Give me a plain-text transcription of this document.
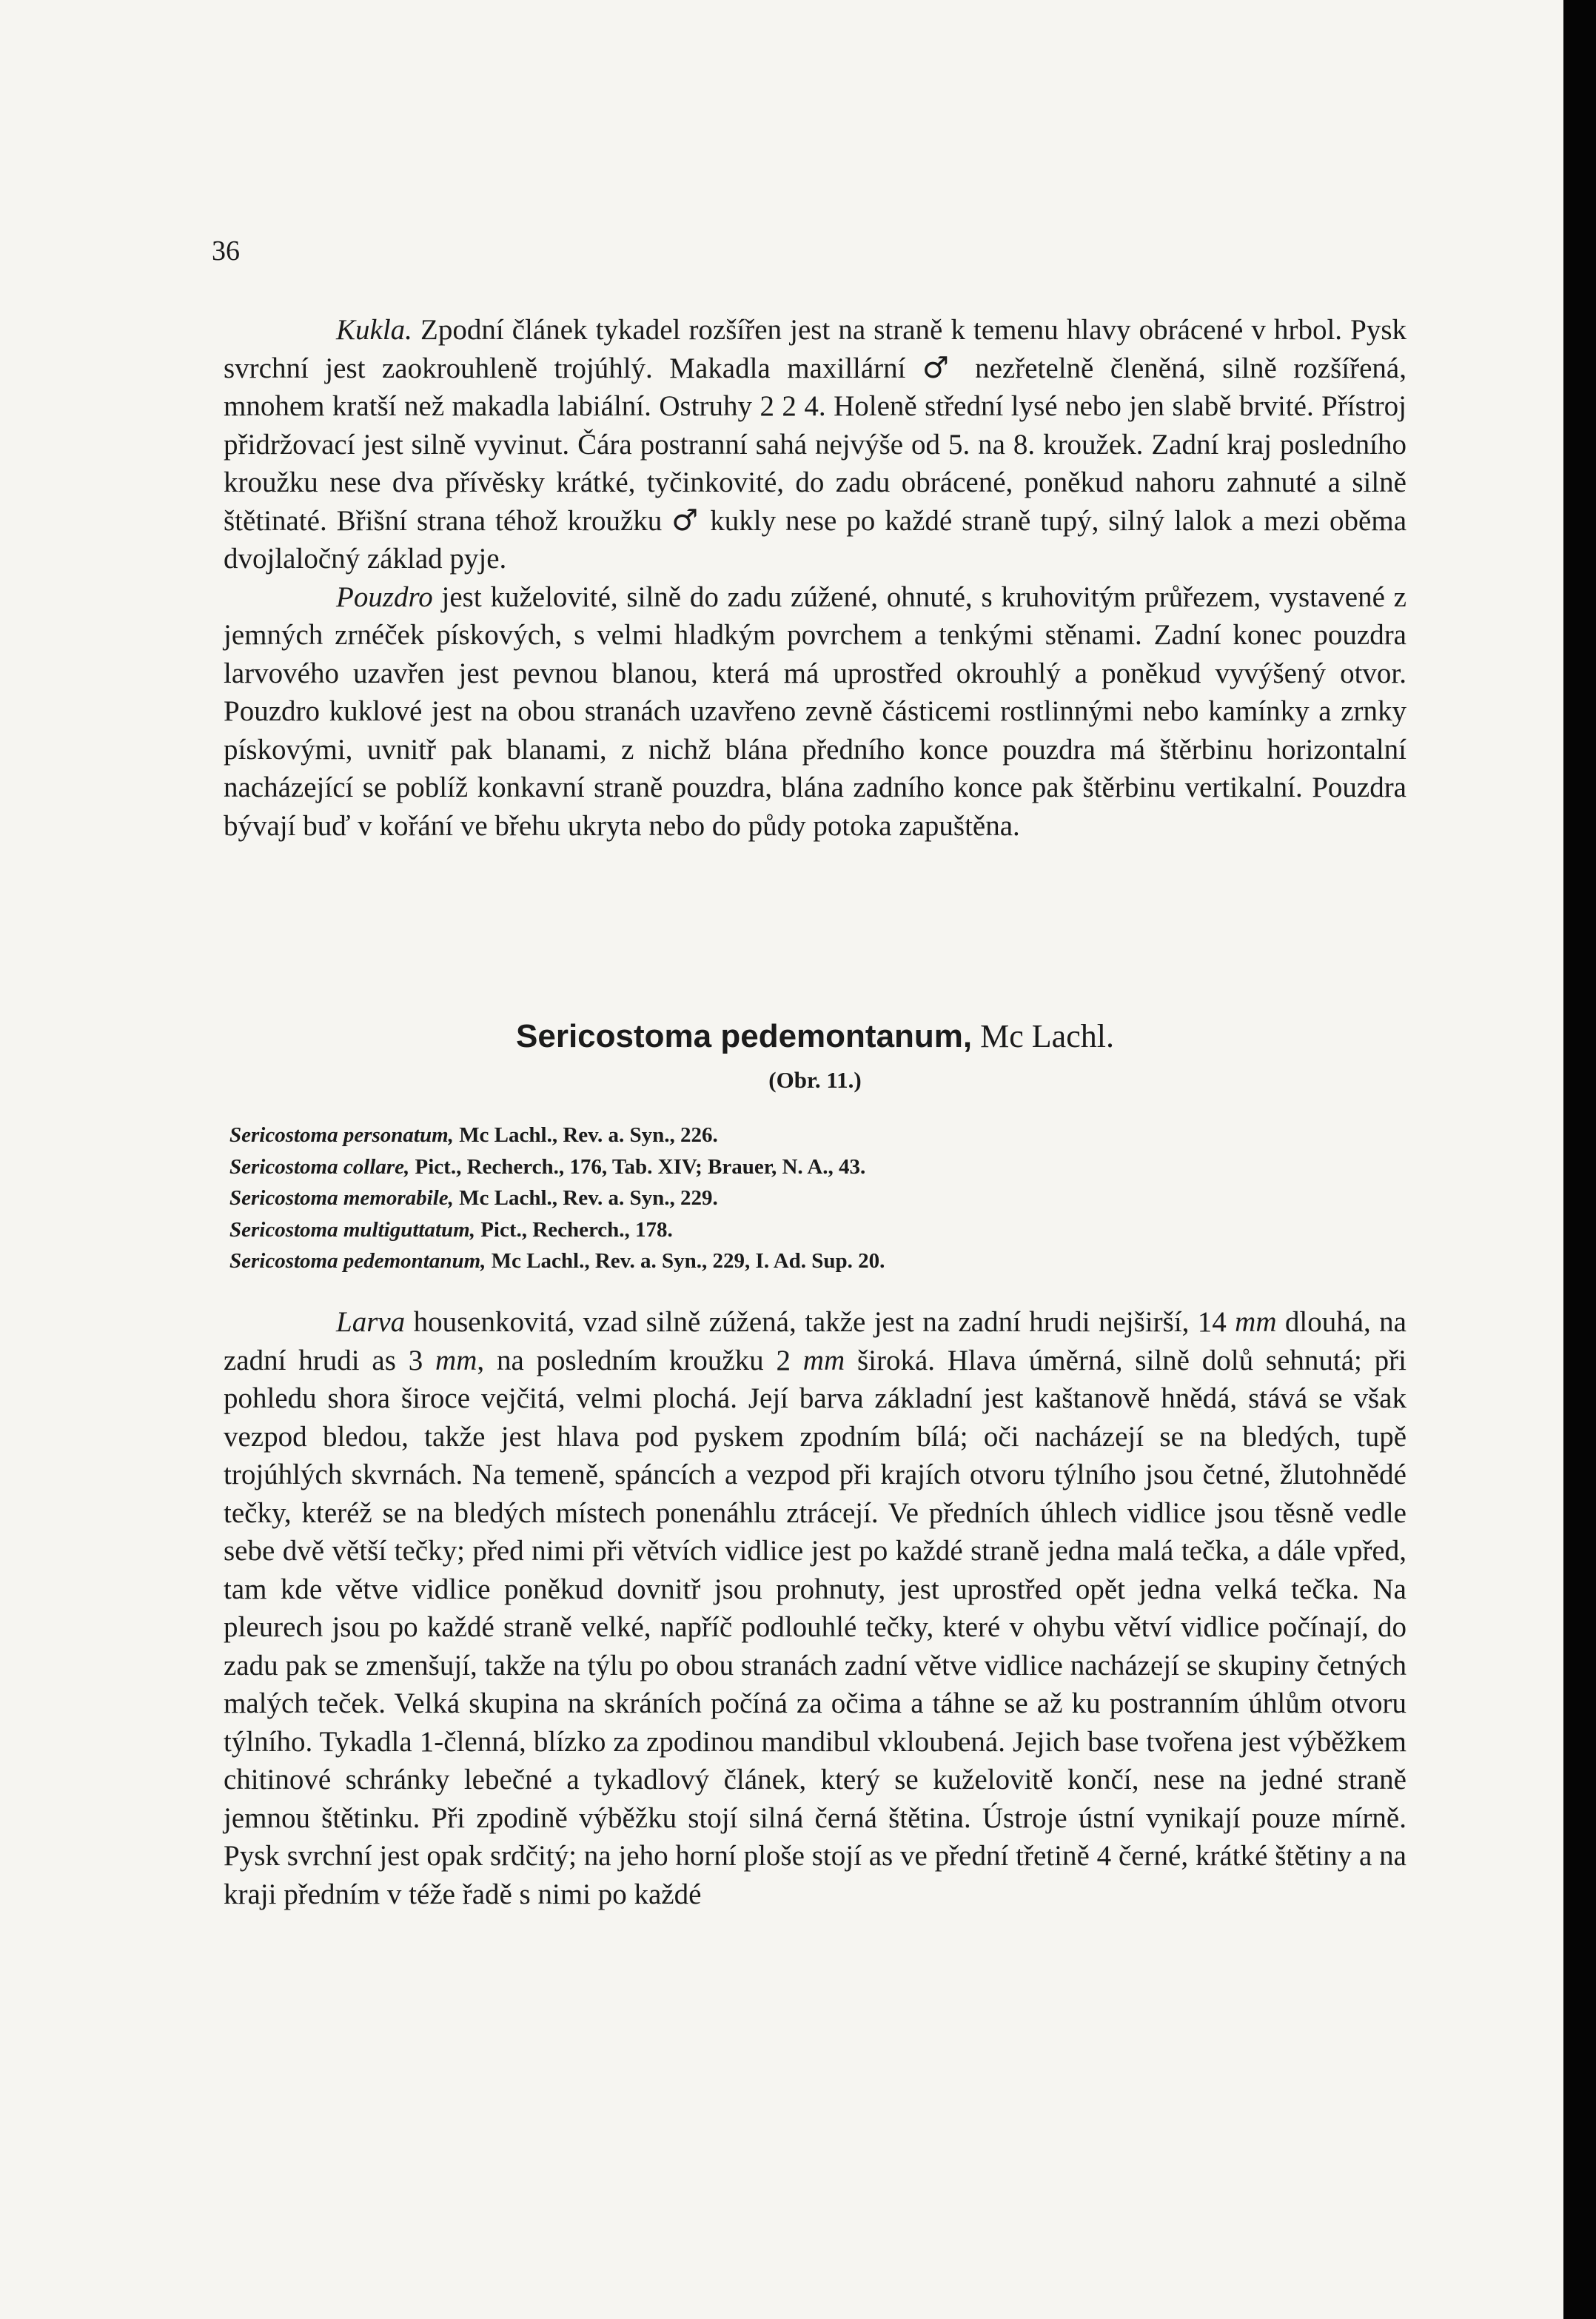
36

Kukla. Zpodní článek tykadel rozšířen jest na straně k temenu hlavy obrácené v hrbol. Pysk svrchní jest zaokrouhleně trojúhlý. Makadla maxillární ♂ nezřetelně členěná, silně rozšířená, mnohem kratší než makadla labiální. Ostruhy 2 2 4. Holeně střední lysé nebo jen slabě brvité. Přístroj přidržovací jest silně vyvinut. Čára postranní sahá nejvýše od 5. na 8. kroužek. Zadní kraj posledního kroužku nese dva přívěsky krátké, tyčinkovité, do zadu obrácené, poněkud nahoru zahnuté a silně štětinaté. Břišní strana téhož kroužku ♂ kukly nese po každé straně tupý, silný lalok a mezi oběma dvojlaločný základ pyje.

Pouzdro jest kuželovité, silně do zadu zúžené, ohnuté, s kruhovitým průřezem, vystavené z jemných zrnéček pískových, s velmi hladkým povrchem a tenkými stěnami. Zadní konec pouzdra larvového uzavřen jest pevnou blanou, která má uprostřed okrouhlý a poněkud vyvýšený otvor. Pouzdro kuklové jest na obou stranách uzavřeno zevně částicemi rostlinnými nebo kamínky a zrnky pískovými, uvnitř pak blanami, z nichž blána předního konce pouzdra má štěrbinu horizontalní nacházející se poblíž konkavní straně pouzdra, blána zadního konce pak štěrbinu vertikalní. Pouzdra bývají buď v kořání ve břehu ukryta nebo do půdy potoka zapuštěna.

Sericostoma pedemontanum, Mc Lachl.
(Obr. 11.)
Sericostoma personatum, Mc Lachl., Rev. a. Syn., 226.
Sericostoma collare, Pict., Recherch., 176, Tab. XIV; Brauer, N. A., 43.
Sericostoma memorabile, Mc Lachl., Rev. a. Syn., 229.
Sericostoma multiguttatum, Pict., Recherch., 178.
Sericostoma pedemontanum, Mc Lachl., Rev. a. Syn., 229, I. Ad. Sup. 20.

Larva housenkovitá, vzad silně zúžená, takže jest na zadní hrudi nejširší, 14 mm dlouhá, na zadní hrudi as 3 mm, na posledním kroužku 2 mm široká. Hlava úměrná, silně dolů sehnutá; při pohledu shora široce vejčitá, velmi plochá. Její barva základní jest kaštanově hnědá, stává se však vezpod bledou, takže jest hlava pod pyskem zpodním bílá; oči nacházejí se na bledých, tupě trojúhlých skvrnách. Na temeně, spáncích a vezpod při krajích otvoru týlního jsou četné, žlutohnědé tečky, kteréž se na bledých místech ponenáhlu ztrácejí. Ve předních úhlech vidlice jsou těsně vedle sebe dvě větší tečky; před nimi při větvích vidlice jest po každé straně jedna malá tečka, a dále vpřed, tam kde větve vidlice poněkud dovnitř jsou prohnuty, jest uprostřed opět jedna velká tečka. Na pleurech jsou po každé straně velké, napříč podlouhlé tečky, které v ohybu větví vidlice počínají, do zadu pak se zmenšují, takže na týlu po obou stranách zadní větve vidlice nacházejí se skupiny četných malých teček. Velká skupina na skráních počíná za očima a táhne se až ku postranním úhlům otvoru týlního. Tykadla 1-členná, blízko za zpodinou mandibul vkloubená. Jejich base tvořena jest výběžkem chitinové schránky lebečné a tykadlový článek, který se kuželovitě končí, nese na jedné straně jemnou štětinku. Při zpodině výběžku stojí silná černá štětina. Ústroje ústní vynikají pouze mírně. Pysk svrchní jest opak srdčitý; na jeho horní ploše stojí as ve přední třetině 4 černé, krátké štětiny a na kraji předním v téže řadě s nimi po každé
